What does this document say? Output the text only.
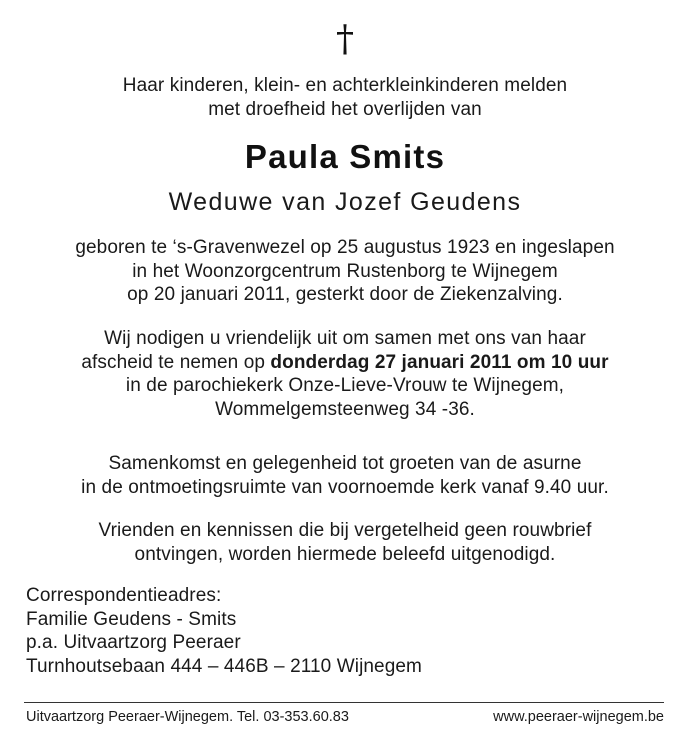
†
Haar kinderen, klein- en achterkleinkinderen melden
met droefheid het overlijden van
Paula Smits
Weduwe van Jozef Geudens
geboren te ‘s-Gravenwezel op 25 augustus 1923 en ingeslapen
in het Woonzorgcentrum Rustenborg te Wijnegem
op 20 januari 2011, gesterkt door de Ziekenzalving.
Wij nodigen u vriendelijk uit om samen met ons van haar
afscheid te nemen op donderdag 27 januari 2011 om 10 uur
in de parochiekerk Onze-Lieve-Vrouw te Wijnegem,
Wommelgemsteenweg 34 -36.
Samenkomst en gelegenheid tot groeten van de asurne
in de ontmoetingsruimte van voornoemde kerk vanaf 9.40 uur.
Vrienden en kennissen die bij vergetelheid geen rouwbrief
ontvingen, worden hiermede beleefd uitgenodigd.
Correspondentieadres:
Familie Geudens - Smits
p.a. Uitvaartzorg Peeraer
Turnhoutsebaan 444 – 446B – 2110 Wijnegem
Uitvaartzorg Peeraer-Wijnegem. Tel. 03-353.60.83	www.peeraer-wijnegem.be
